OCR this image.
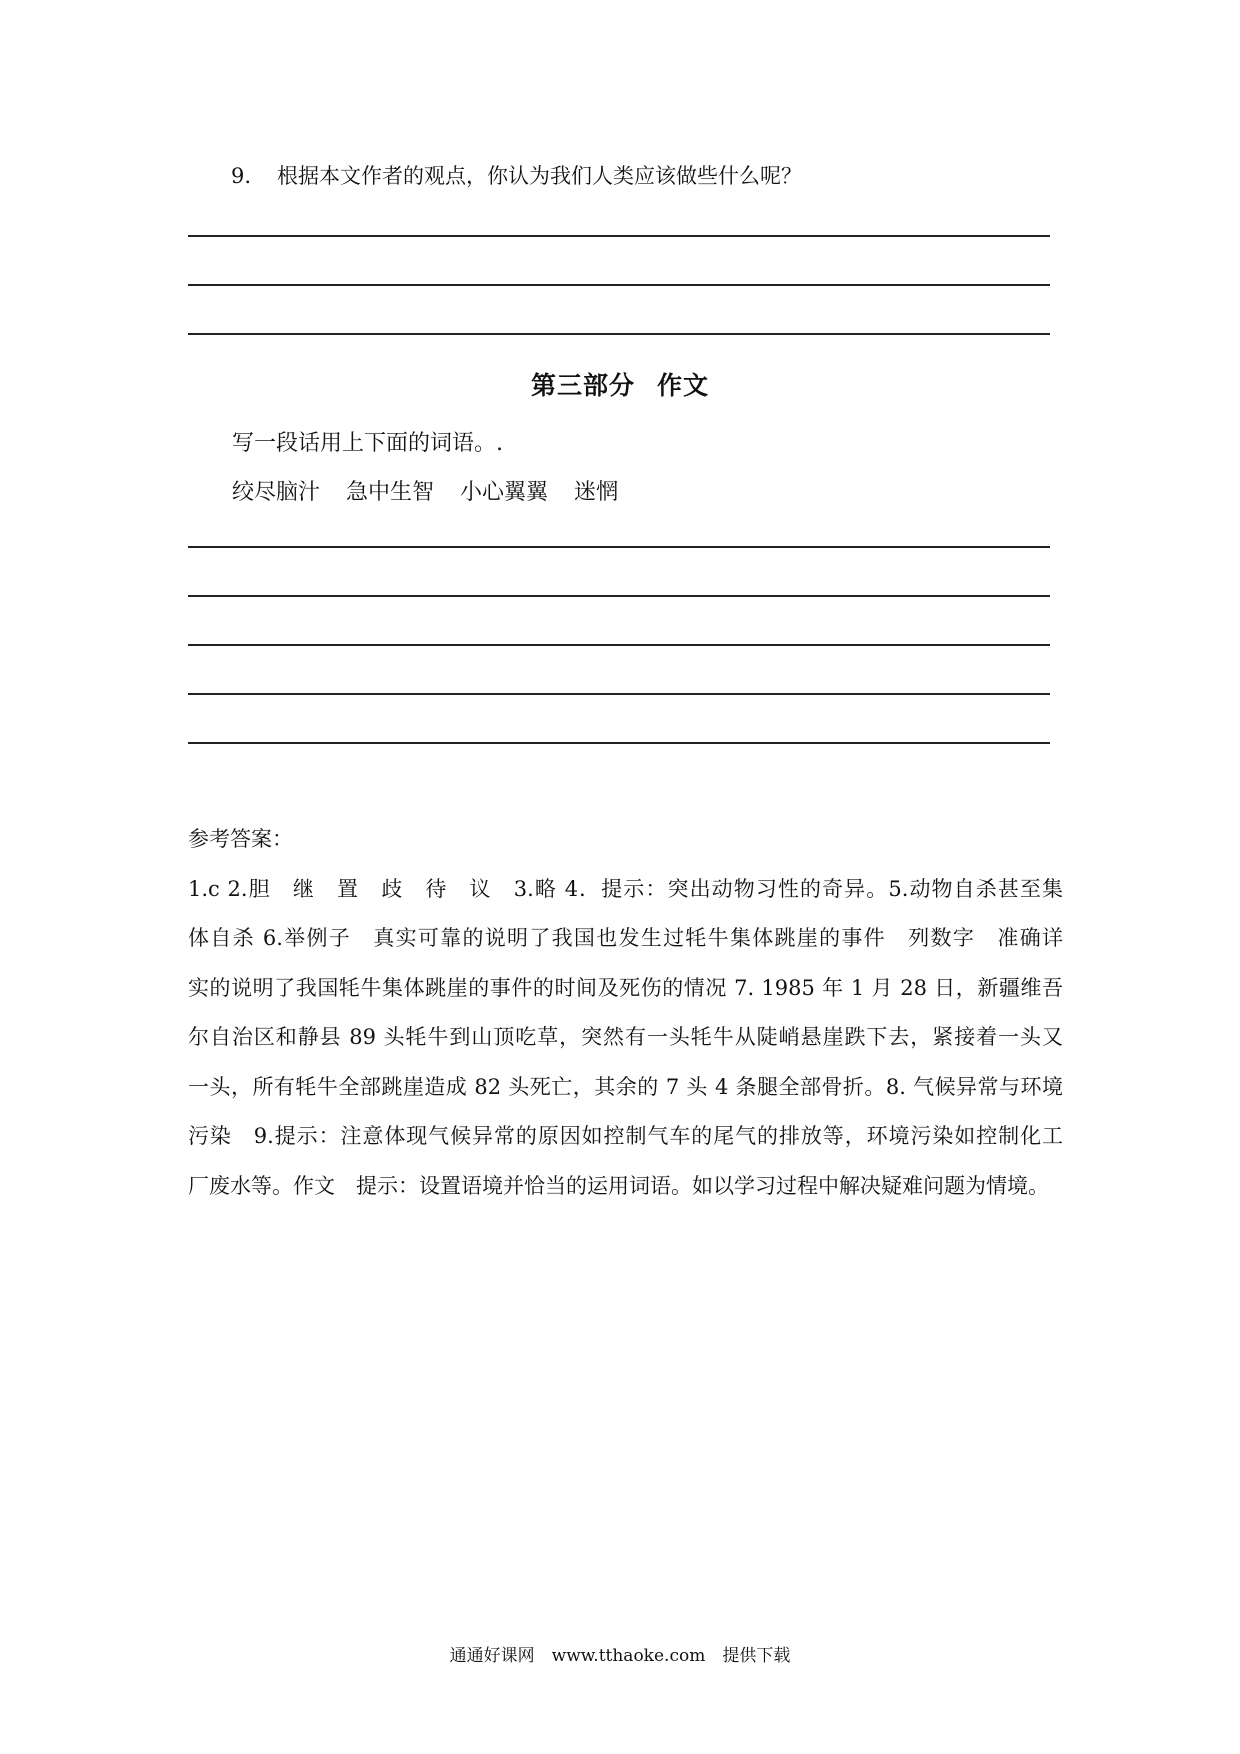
9. 根据本文作者的观点，你认为我们人类应该做些什么呢？
第三部分 作文
写一段话用上下面的词语。.
绞尽脑汁 急中生智 小心翼翼 迷惘
参考答案：
1.c 2.胆　继　置　歧　待　议　3.略 4．提示：突出动物习性的奇异。5.动物自杀甚至集
体自杀 6.举例子　真实可靠的说明了我国也发生过牦牛集体跳崖的事件　列数字　准确详
实的说明了我国牦牛集体跳崖的事件的时间及死伤的情况 7. 1985 年 1 月 28 日，新疆维吾
尔自治区和静县 89 头牦牛到山顶吃草，突然有一头牦牛从陡峭悬崖跌下去，紧接着一头又
一头，所有牦牛全部跳崖造成 82 头死亡，其余的 7 头 4 条腿全部骨折。8. 气候异常与环境
污染　9.提示：注意体现气候异常的原因如控制气车的尾气的排放等，环境污染如控制化工
厂废水等。作文　提示：设置语境并恰当的运用词语。如以学习过程中解决疑难问题为情境。
通通好课网　www.tthaoke.com　提供下载
